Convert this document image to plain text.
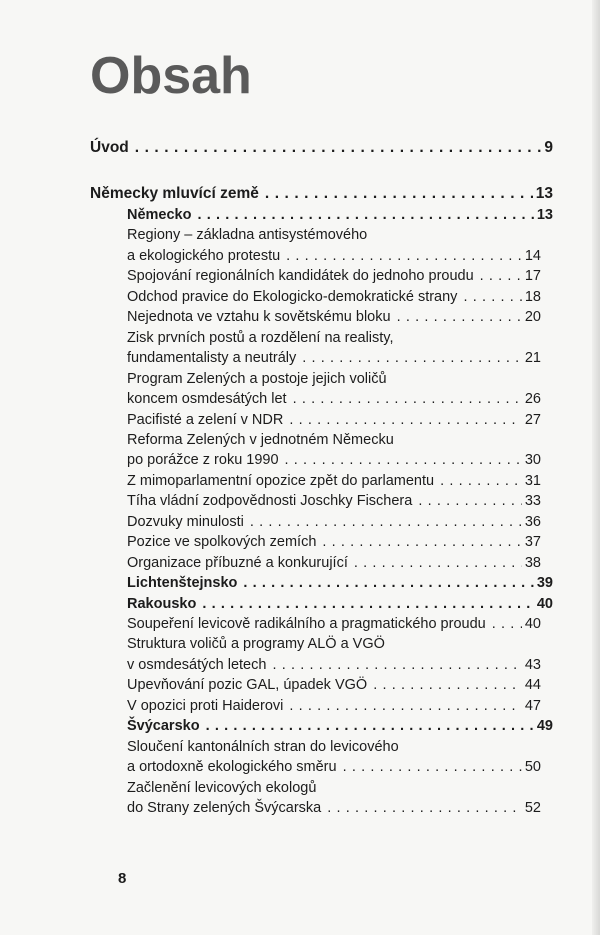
Obsah
Úvod . . .	9
Německy mluvící země . . .	13
Německo . . .	13
Regiony – základna antisystémového
a ekologického protestu . . .	14
Spojování regionálních kandidátek do jednoho proudu . . .	17
Odchod pravice do Ekologicko-demokratické strany . . .	18
Nejednota ve vztahu k sovětskému bloku . . .	20
Zisk prvních postů a rozdělení na realisty,
fundamentalisty a neutrály . . .	21
Program Zelených a postoje jejich voličů
koncem osmdesátých let . . .	26
Pacifisté a zelení v NDR . . .	27
Reforma Zelených v jednotném Německu
po porážce z roku 1990 . . .	30
Z mimoparlamentní opozice zpět do parlamentu . . .	31
Tíha vládní zodpovědnosti Joschky Fischera . . .	33
Dozvuky minulosti . . .	36
Pozice ve spolkových zemích . . .	37
Organizace příbuzné a konkurující . . .	38
Lichtenštejnsko . . .	39
Rakousko . . .	40
Soupeření levicově radikálního a pragmatického proudu . . .	40
Struktura voličů a programy ALÖ a VGÖ
v osmdesátých letech . . .	43
Upevňování pozic GAL, úpadek VGÖ . . .	44
V opozici proti Haiderovi . . .	47
Švýcarsko . . .	49
Sloučení kantonálních stran do levicového
a ortodoxně ekologického směru . . .	50
Začlenění levicových ekologů
do Strany zelených Švýcarska . . .	52
8
